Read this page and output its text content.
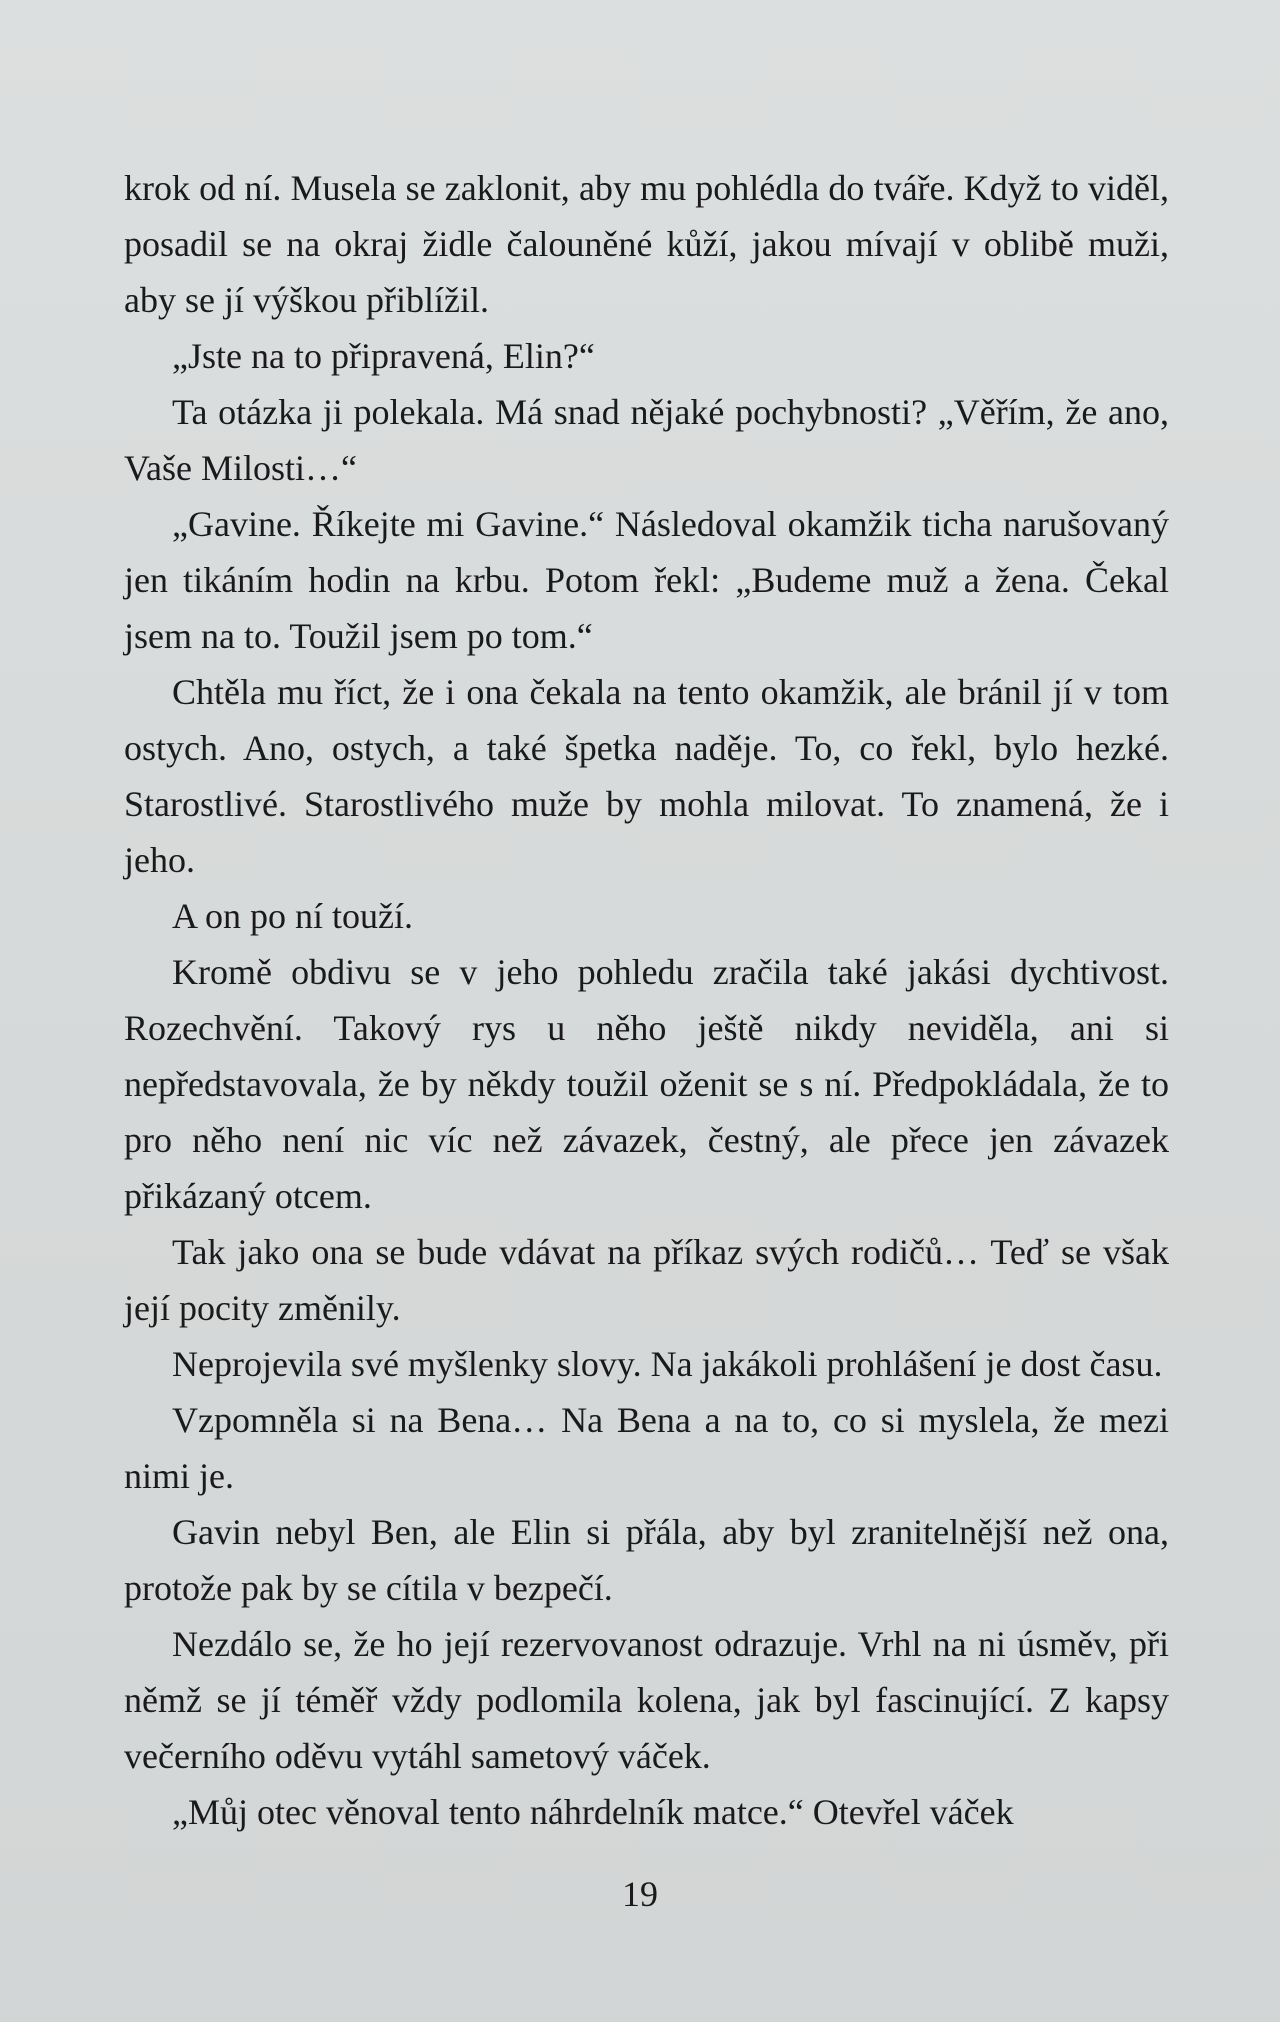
krok od ní. Musela se zaklonit, aby mu pohlédla do tváře. Když to viděl, posadil se na okraj židle čalouněné kůží, jakou mívají v oblibě muži, aby se jí výškou přiblížil.

„Jste na to připravená, Elin?“

Ta otázka ji polekala. Má snad nějaké pochybnosti? „Věřím, že ano, Vaše Milosti…“

„Gavine. Říkejte mi Gavine.“ Následoval okamžik ticha narušovaný jen tikáním hodin na krbu. Potom řekl: „Budeme muž a žena. Čekal jsem na to. Toužil jsem po tom.“

Chtěla mu říct, že i ona čekala na tento okamžik, ale bránil jí v tom ostych. Ano, ostych, a také špetka naděje. To, co řekl, bylo hezké. Starostlivé. Starostlivého muže by mohla milovat. To znamená, že i jeho.

A on po ní touží.

Kromě obdivu se v jeho pohledu zračila také jakási dychtivost. Rozechvění. Takový rys u něho ještě nikdy neviděla, ani si nepředstavovala, že by někdy toužil oženit se s ní. Předpokládala, že to pro něho není nic víc než závazek, čestný, ale přece jen závazek přikázaný otcem.

Tak jako ona se bude vdávat na příkaz svých rodičů… Teď se však její pocity změnily.

Neprojevila své myšlenky slovy. Na jakákoli prohlášení je dost času.

Vzpomněla si na Bena… Na Bena a na to, co si myslela, že mezi nimi je.

Gavin nebyl Ben, ale Elin si přála, aby byl zranitelnější než ona, protože pak by se cítila v bezpečí.

Nezdálo se, že ho její rezervovanost odrazuje. Vrhl na ni úsměv, při němž se jí téměř vždy podlomila kolena, jak byl fascinující. Z kapsy večerního oděvu vytáhl sametový váček.

„Můj otec věnoval tento náhrdelník matce.“ Otevřel váček

19
